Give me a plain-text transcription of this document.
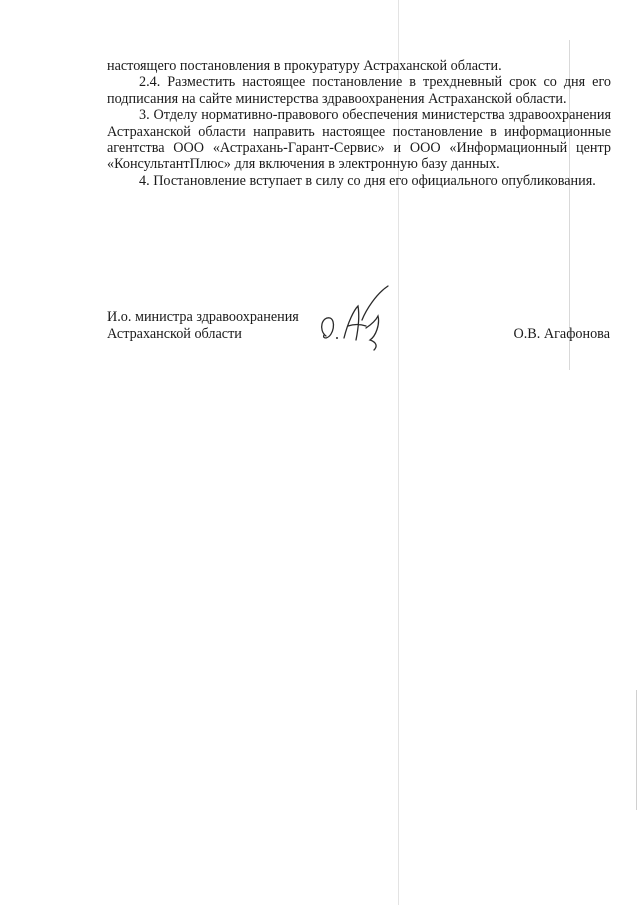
настоящего постановления в прокуратуру Астраханской области.

2.4. Разместить настоящее постановление в трехдневный срок со дня его подписания на сайте министерства здравоохранения Астраханской области.

3. Отделу нормативно-правового обеспечения министерства здравоохранения Астраханской области направить настоящее постановление в информационные агентства ООО «Астрахань-Гарант-Сервис» и ООО «Информационный центр «КонсультантПлюс» для включения в электронную базу данных.

4. Постановление вступает в силу со дня его официального опубликования.

И.о. министра здравоохранения
Астраханской области	О.В. Агафонова
